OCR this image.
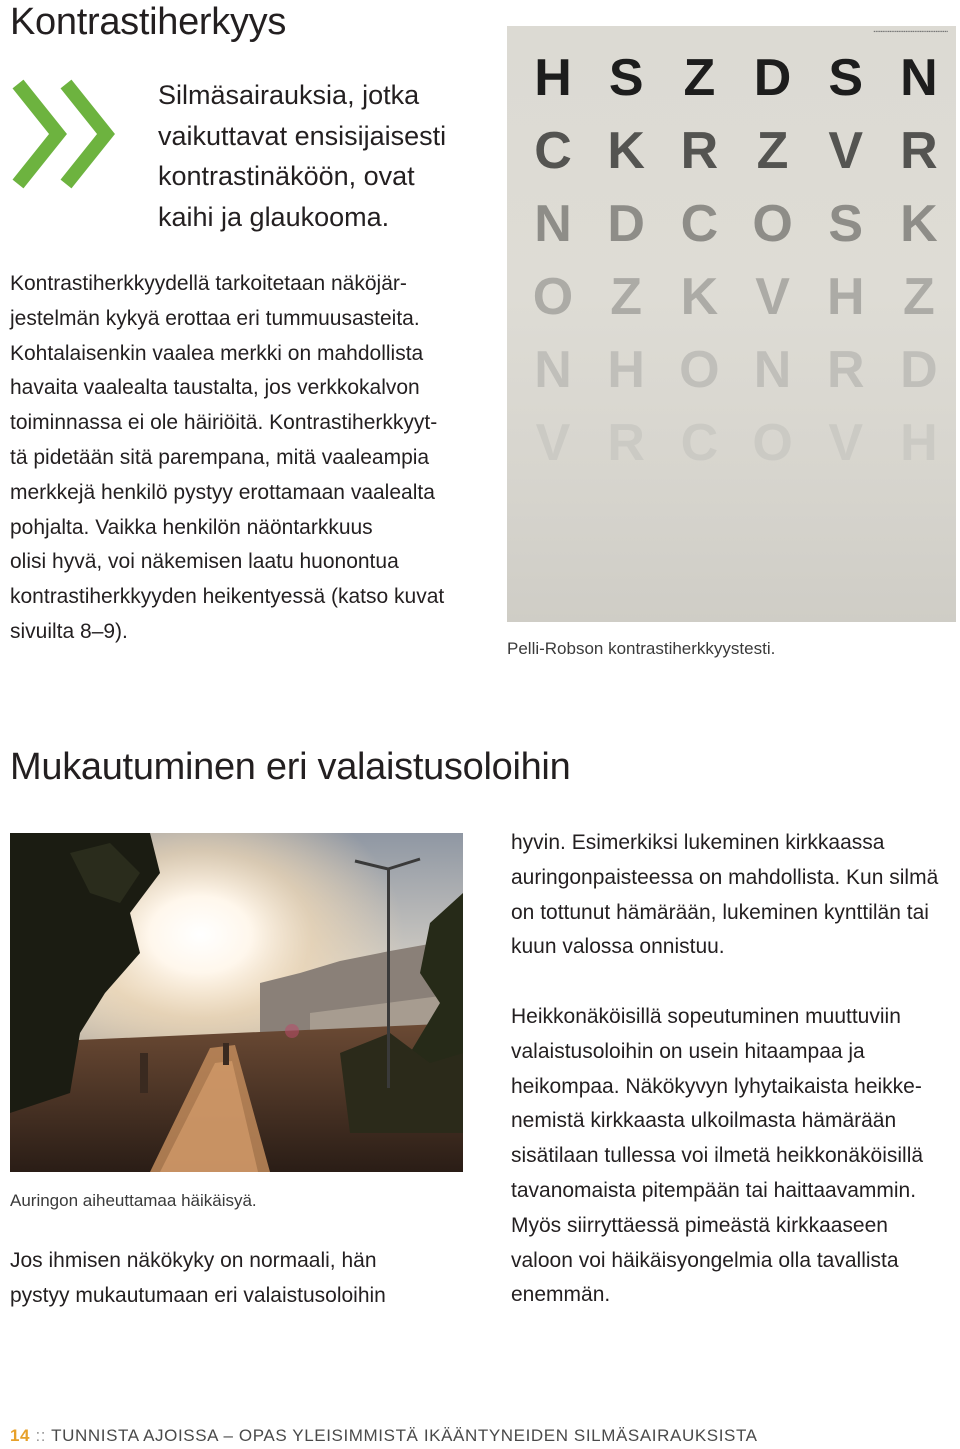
Kontrastiherkyys
Silmäsairauksia, jotka
vaikuttavat ensisijaisesti
kontrastinäköön, ovat
kaihi ja glaukooma.
Kontrastiherkkyydellä tarkoitetaan näköjär-
jestelmän kykyä erottaa eri tummuusasteita.
Kohtalaisenkin vaalea merkki on mahdollista
havaita vaalealta taustalta, jos verkkokalvon
toiminnassa ei ole häiriöitä. Kontrastiherkkyyt-
tä pidetään sitä parempana, mitä vaaleampia
merkkejä henkilö pystyy erottamaan vaalealta
pohjalta. Vaikka henkilön näöntarkkuus
olisi hyvä, voi näkemisen laatu huonontua
kontrastiherkkyyden heikentyessä (katso kuvat
sivuilta 8–9).
▪▪▪▪▪▪▪▪▪▪▪▪▪▪▪▪▪▪▪▪▪▪▪▪▪▪▪▪▪▪▪▪▪▪▪▪▪▪▪▪▪▪
H S Z D S N
C K R Z V R
N D C O S K
O Z K V H Z
N H O N R D
V R C O V H
Pelli-Robson kontrastiherkkyystesti.
Mukautuminen eri valaistusoloihin
Auringon aiheuttamaa häikäisyä.
Jos ihmisen näkökyky on normaali, hän
pystyy mukautumaan eri valaistusoloihin
hyvin. Esimerkiksi lukeminen kirkkaassa
auringonpaisteessa on mahdollista. Kun silmä
on tottunut hämärään, lukeminen kynttilän tai
kuun valossa onnistuu.
Heikkonäköisillä sopeutuminen muuttuviin
valaistusoloihin on usein hitaampaa ja
heikompaa. Näkökyvyn lyhytaikaista heikke-
nemistä kirkkaasta ulkoilmasta hämärään
sisätilaan tullessa voi ilmetä heikkonäköisillä
tavanomaista pitempään tai haittaavammin.
Myös siirryttäessä pimeästä kirkkaaseen
valoon voi häikäisyongelmia olla tavallista
enemmän.
14 :: TUNNISTA AJOISSA – OPAS YLEISIMMISTÄ IKÄÄNTYNEIDEN SILMÄSAIRAUKSISTA
